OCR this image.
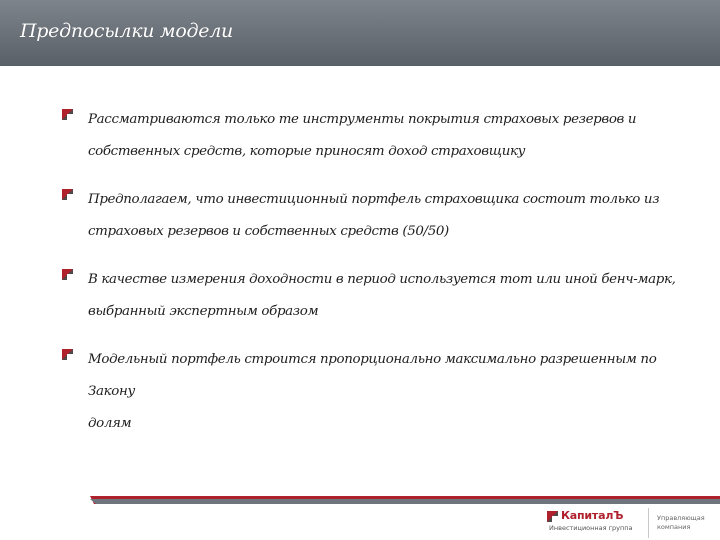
Предпосылки модели
Рассматриваются только те инструменты покрытия страховых резервов и
собственных средств, которые приносят доход страховщику
Предполагаем, что инвестиционный портфель страховщика состоит только из
страховых резервов и собственных средств (50/50)
В качестве измерения доходности в период используется тот или иной бенч-марк,
выбранный экспертным образом
Модельный портфель строится пропорционально максимально разрешенным по Закону
долям
КапиталЪ
Инвестиционная группа
Управляющая
компания
